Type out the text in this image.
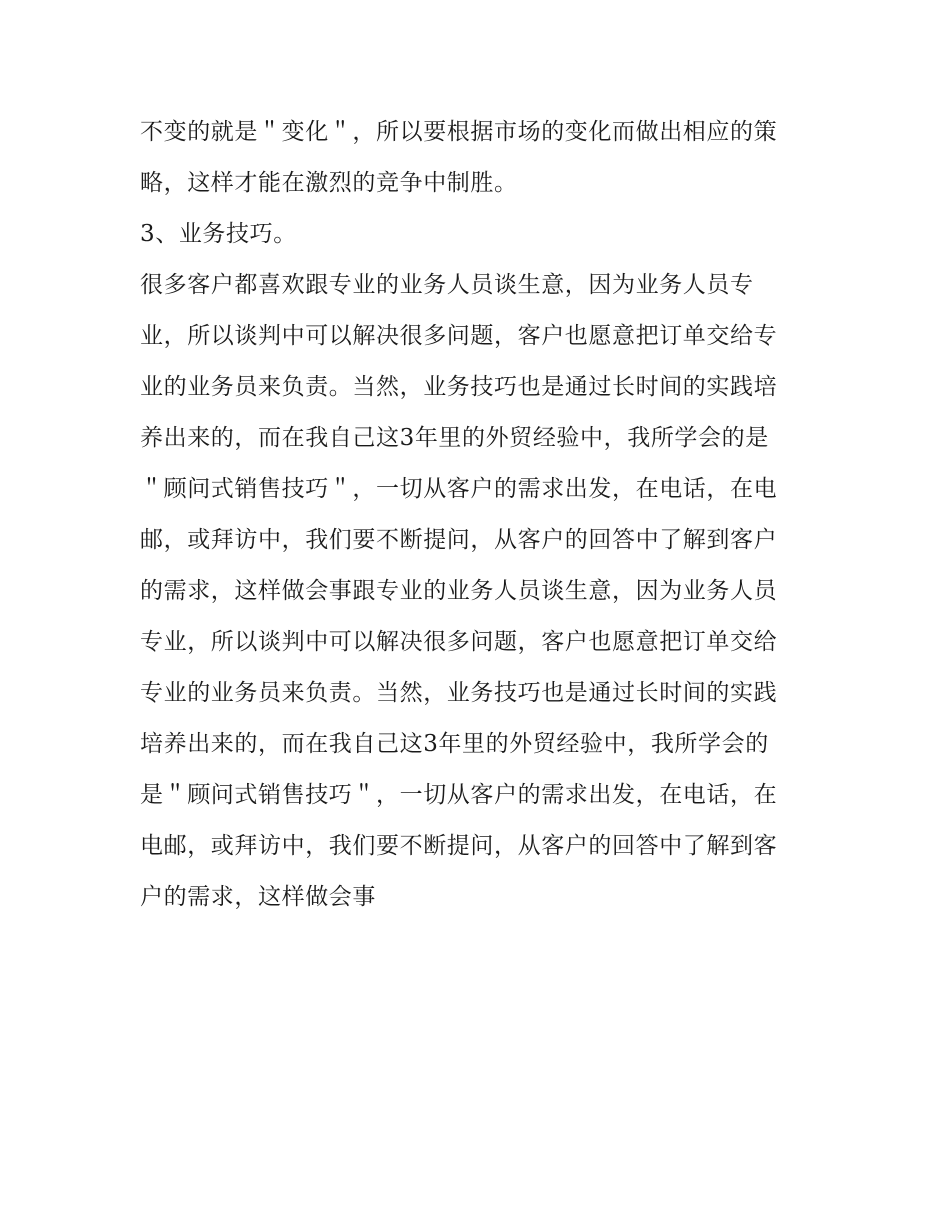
不变的就是＂变化＂，所以要根据市场的变化而做出相应的策
略，这样才能在激烈的竞争中制胜。
3、业务技巧。
很多客户都喜欢跟专业的业务人员谈生意，因为业务人员专
业，所以谈判中可以解决很多问题，客户也愿意把订单交给专
业的业务员来负责。当然，业务技巧也是通过长时间的实践培
养出来的，而在我自己这3年里的外贸经验中，我所学会的是
＂顾问式销售技巧＂，一切从客户的需求出发，在电话，在电
邮，或拜访中，我们要不断提问，从客户的回答中了解到客户
的需求，这样做会事跟专业的业务人员谈生意，因为业务人员
专业，所以谈判中可以解决很多问题，客户也愿意把订单交给
专业的业务员来负责。当然，业务技巧也是通过长时间的实践
培养出来的，而在我自己这3年里的外贸经验中，我所学会的
是＂顾问式销售技巧＂，一切从客户的需求出发，在电话，在
电邮，或拜访中，我们要不断提问，从客户的回答中了解到客
户的需求，这样做会事
